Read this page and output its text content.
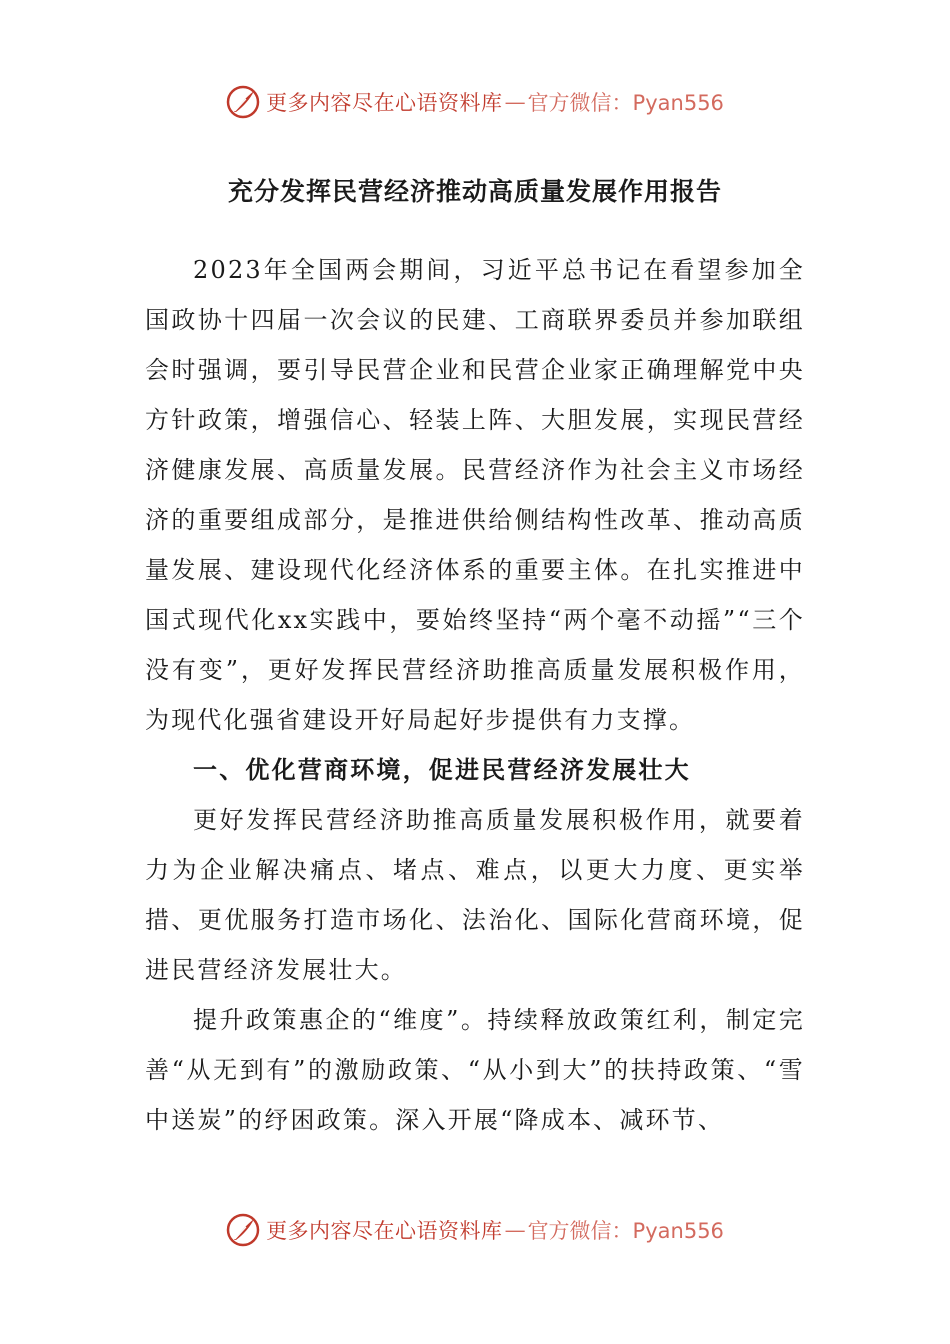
更多内容尽在心语资料库 — 官方微信：Pyan556
充分发挥民营经济推动高质量发展作用报告

2023年全国两会期间，习近平总书记在看望参加全国政协十四届一次会议的民建、工商联界委员并参加联组会时强调，要引导民营企业和民营企业家正确理解党中央方针政策，增强信心、轻装上阵、大胆发展，实现民营经济健康发展、高质量发展。民营经济作为社会主义市场经济的重要组成部分，是推进供给侧结构性改革、推动高质量发展、建设现代化经济体系的重要主体。在扎实推进中国式现代化xx实践中，要始终坚持“两个毫不动摇”“三个没有变”，更好发挥民营经济助推高质量发展积极作用，为现代化强省建设开好局起好步提供有力支撑。

一、优化营商环境，促进民营经济发展壮大

更好发挥民营经济助推高质量发展积极作用，就要着力为企业解决痛点、堵点、难点，以更大力度、更实举措、更优服务打造市场化、法治化、国际化营商环境，促进民营经济发展壮大。

提升政策惠企的“维度”。持续释放政策红利，制定完善“从无到有”的激励政策、“从小到大”的扶持政策、“雪中送炭”的纾困政策。深入开展“降成本、减环节、

更多内容尽在心语资料库 — 官方微信：Pyan556
